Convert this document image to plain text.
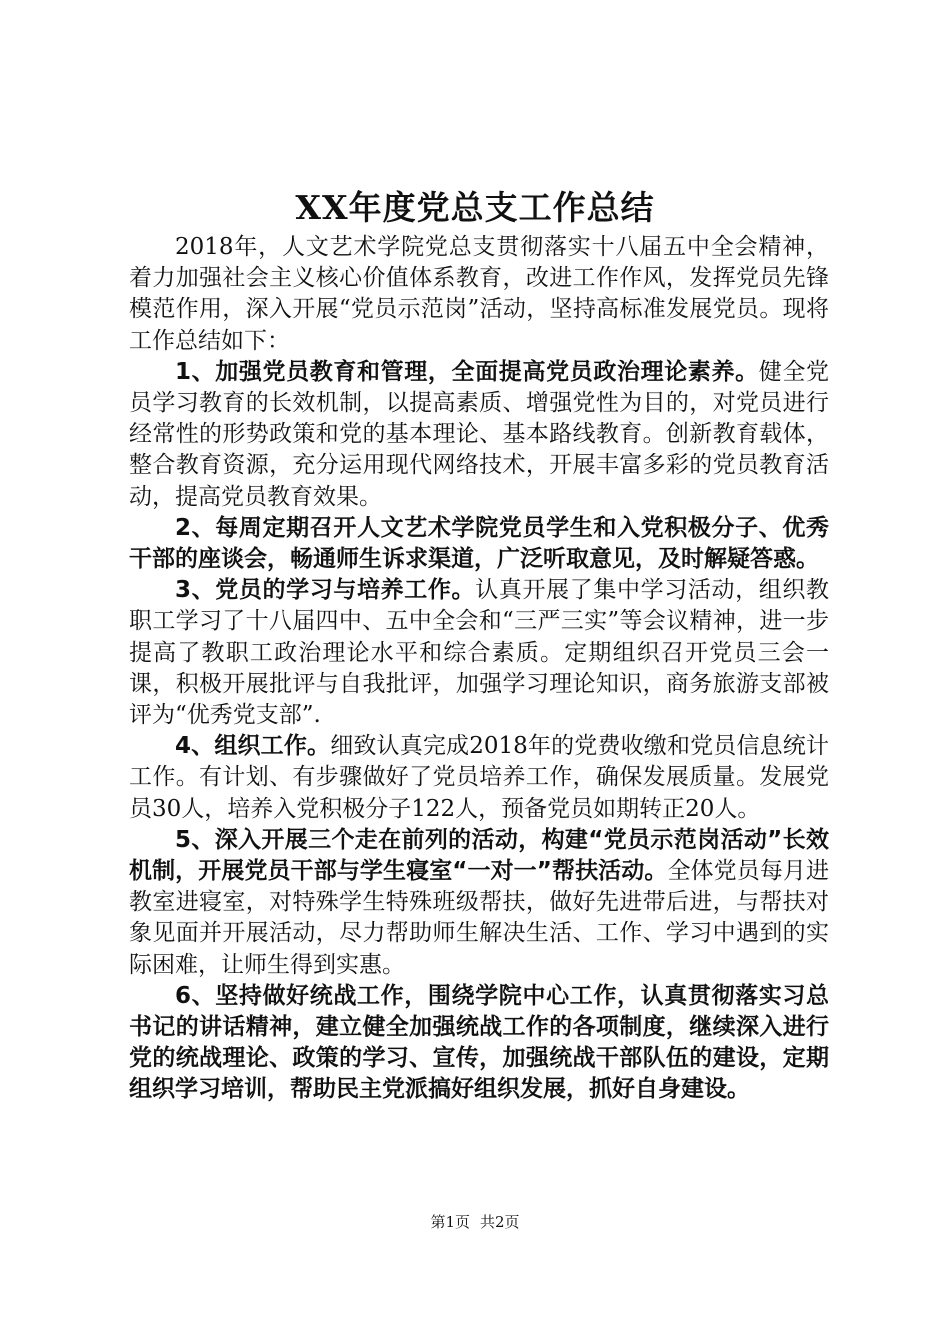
XX年度党总支工作总结

2018年，人文艺术学院党总支贯彻落实十八届五中全会精神，着力加强社会主义核心价值体系教育，改进工作作风，发挥党员先锋模范作用，深入开展“党员示范岗”活动，坚持高标准发展党员。现将工作总结如下：

1、加强党员教育和管理，全面提高党员政治理论素养。健全党员学习教育的长效机制，以提高素质、增强党性为目的，对党员进行经常性的形势政策和党的基本理论、基本路线教育。创新教育载体，整合教育资源，充分运用现代网络技术，开展丰富多彩的党员教育活动，提高党员教育效果。

2、每周定期召开人文艺术学院党员学生和入党积极分子、优秀干部的座谈会，畅通师生诉求渠道，广泛听取意见，及时解疑答惑。

3、党员的学习与培养工作。认真开展了集中学习活动，组织教职工学习了十八届四中、五中全会和“三严三实”等会议精神，进一步提高了教职工政治理论水平和综合素质。定期组织召开党员三会一课，积极开展批评与自我批评，加强学习理论知识，商务旅游支部被评为“优秀党支部”.

4、组织工作。细致认真完成2018年的党费收缴和党员信息统计工作。有计划、有步骤做好了党员培养工作，确保发展质量。发展党员30人，培养入党积极分子122人，预备党员如期转正20人。

5、深入开展三个走在前列的活动，构建“党员示范岗活动”长效机制，开展党员干部与学生寝室“一对一”帮扶活动。全体党员每月进教室进寝室，对特殊学生特殊班级帮扶，做好先进带后进，与帮扶对象见面并开展活动，尽力帮助师生解决生活、工作、学习中遇到的实际困难，让师生得到实惠。

6、坚持做好统战工作，围绕学院中心工作，认真贯彻落实习总书记的讲话精神，建立健全加强统战工作的各项制度，继续深入进行党的统战理论、政策的学习、宣传，加强统战干部队伍的建设，定期组织学习培训，帮助民主党派搞好组织发展，抓好自身建设。

第1页 共2页
